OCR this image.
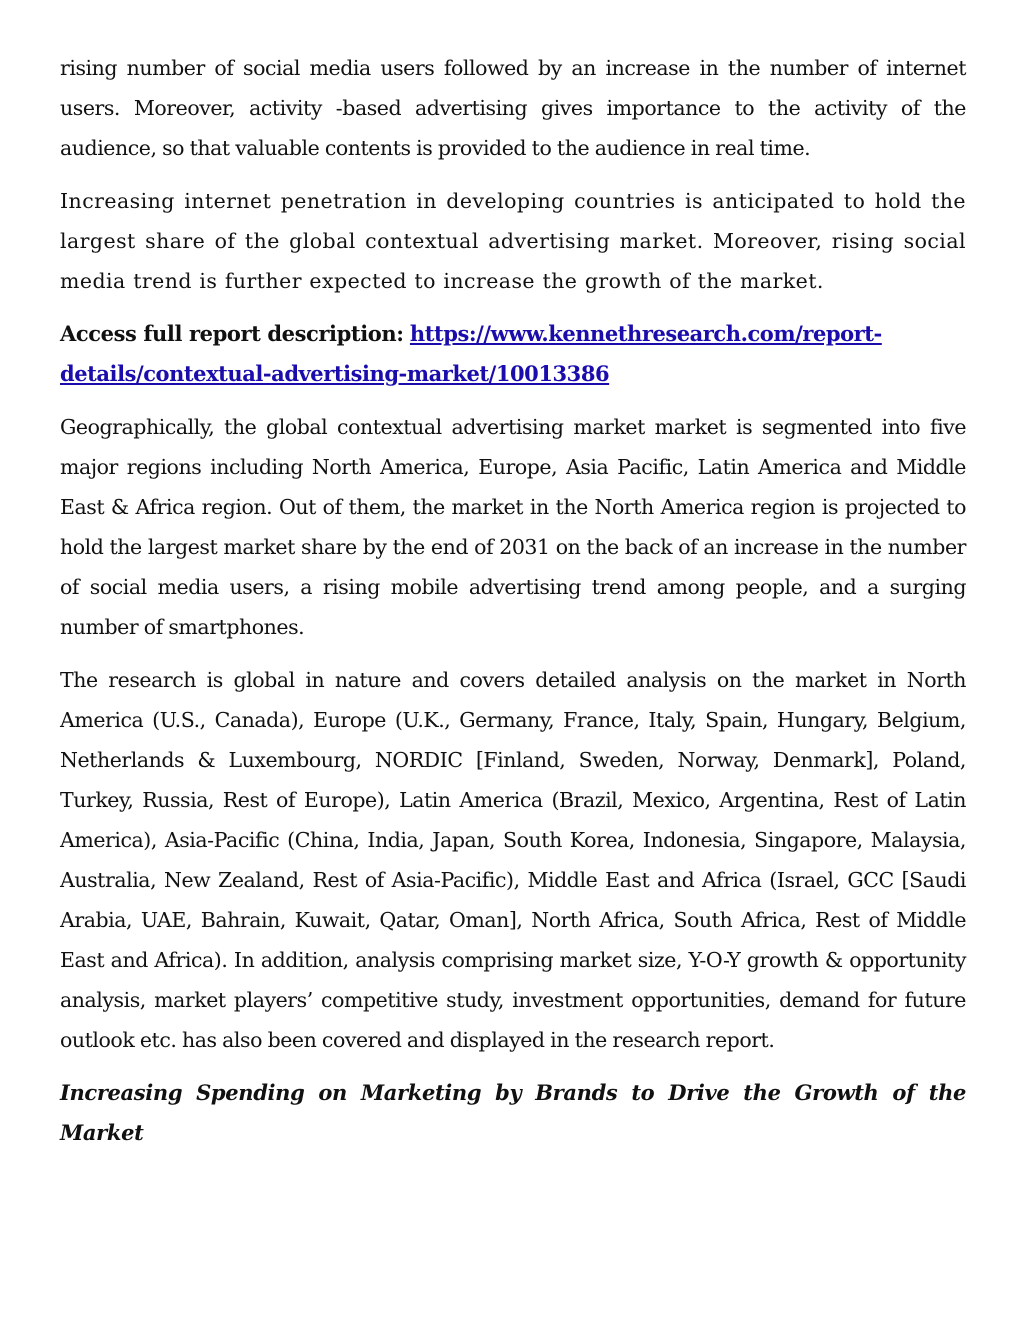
rising number of social media users followed by an increase in the number of internet users. Moreover, activity -based advertising gives importance to the activity of the audience, so that valuable contents is provided to the audience in real time.

Increasing internet penetration in developing countries is anticipated to hold the largest share of the global contextual advertising market. Moreover, rising social media trend is further expected to increase the growth of the market.

Access full report description: https://www.kennethresearch.com/report-details/contextual-advertising-market/10013386

Geographically, the global contextual advertising market market is segmented into five major regions including North America, Europe, Asia Pacific, Latin America and Middle East & Africa region. Out of them, the market in the North America region is projected to hold the largest market share by the end of 2031 on the back of an increase in the number of social media users, a rising mobile advertising trend among people, and a surging number of smartphones.

The research is global in nature and covers detailed analysis on the market in North America (U.S., Canada), Europe (U.K., Germany, France, Italy, Spain, Hungary, Belgium, Netherlands & Luxembourg, NORDIC [Finland, Sweden, Norway, Denmark], Poland, Turkey, Russia, Rest of Europe), Latin America (Brazil, Mexico, Argentina, Rest of Latin America), Asia-Pacific (China, India, Japan, South Korea, Indonesia, Singapore, Malaysia, Australia, New Zealand, Rest of Asia-Pacific), Middle East and Africa (Israel, GCC [Saudi Arabia, UAE, Bahrain, Kuwait, Qatar, Oman], North Africa, South Africa, Rest of Middle East and Africa). In addition, analysis comprising market size, Y-O-Y growth & opportunity analysis, market players’ competitive study, investment opportunities, demand for future outlook etc. has also been covered and displayed in the research report.

Increasing Spending on Marketing by Brands to Drive the Growth of the Market
